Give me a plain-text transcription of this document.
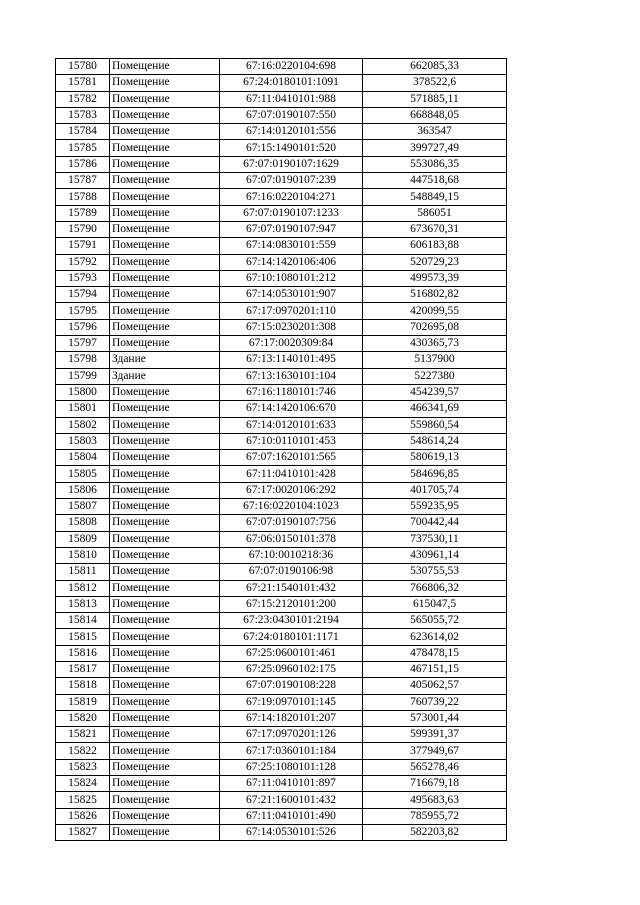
15780	Помещение	67:16:0220104:698	662085,33
15781	Помещение	67:24:0180101:1091	378522,6
15782	Помещение	67:11:0410101:988	571885,11
15783	Помещение	67:07:0190107:550	668848,05
15784	Помещение	67:14:0120101:556	363547
15785	Помещение	67:15:1490101:520	399727,49
15786	Помещение	67:07:0190107:1629	553086,35
15787	Помещение	67:07:0190107:239	447518,68
15788	Помещение	67:16:0220104:271	548849,15
15789	Помещение	67:07:0190107:1233	586051
15790	Помещение	67:07:0190107:947	673670,31
15791	Помещение	67:14:0830101:559	606183,88
15792	Помещение	67:14:1420106:406	520729,23
15793	Помещение	67:10:1080101:212	499573,39
15794	Помещение	67:14:0530101:907	516802,82
15795	Помещение	67:17:0970201:110	420099,55
15796	Помещение	67:15:0230201:308	702695,08
15797	Помещение	67:17:0020309:84	430365,73
15798	Здание	67:13:1140101:495	5137900
15799	Здание	67:13:1630101:104	5227380
15800	Помещение	67:16:1180101:746	454239,57
15801	Помещение	67:14:1420106:670	466341,69
15802	Помещение	67:14:0120101:633	559860,54
15803	Помещение	67:10:0110101:453	548614,24
15804	Помещение	67:07:1620101:565	580619,13
15805	Помещение	67:11:0410101:428	584696,85
15806	Помещение	67:17:0020106:292	401705,74
15807	Помещение	67:16:0220104:1023	559235,95
15808	Помещение	67:07:0190107:756	700442,44
15809	Помещение	67:06:0150101:378	737530,11
15810	Помещение	67:10:0010218:36	430961,14
15811	Помещение	67:07:0190106:98	530755,53
15812	Помещение	67:21:1540101:432	766806,32
15813	Помещение	67:15:2120101:200	615047,5
15814	Помещение	67:23:0430101:2194	565055,72
15815	Помещение	67:24:0180101:1171	623614,02
15816	Помещение	67:25:0600101:461	478478,15
15817	Помещение	67:25:0960102:175	467151,15
15818	Помещение	67:07:0190108:228	405062,57
15819	Помещение	67:19:0970101:145	760739,22
15820	Помещение	67:14:1820101:207	573001,44
15821	Помещение	67:17:0970201:126	599391,37
15822	Помещение	67:17:0360101:184	377949,67
15823	Помещение	67:25:1080101:128	565278,46
15824	Помещение	67:11:0410101:897	716679,18
15825	Помещение	67:21:1600101:432	495683,63
15826	Помещение	67:11:0410101:490	785955,72
15827	Помещение	67:14:0530101:526	582203,82
